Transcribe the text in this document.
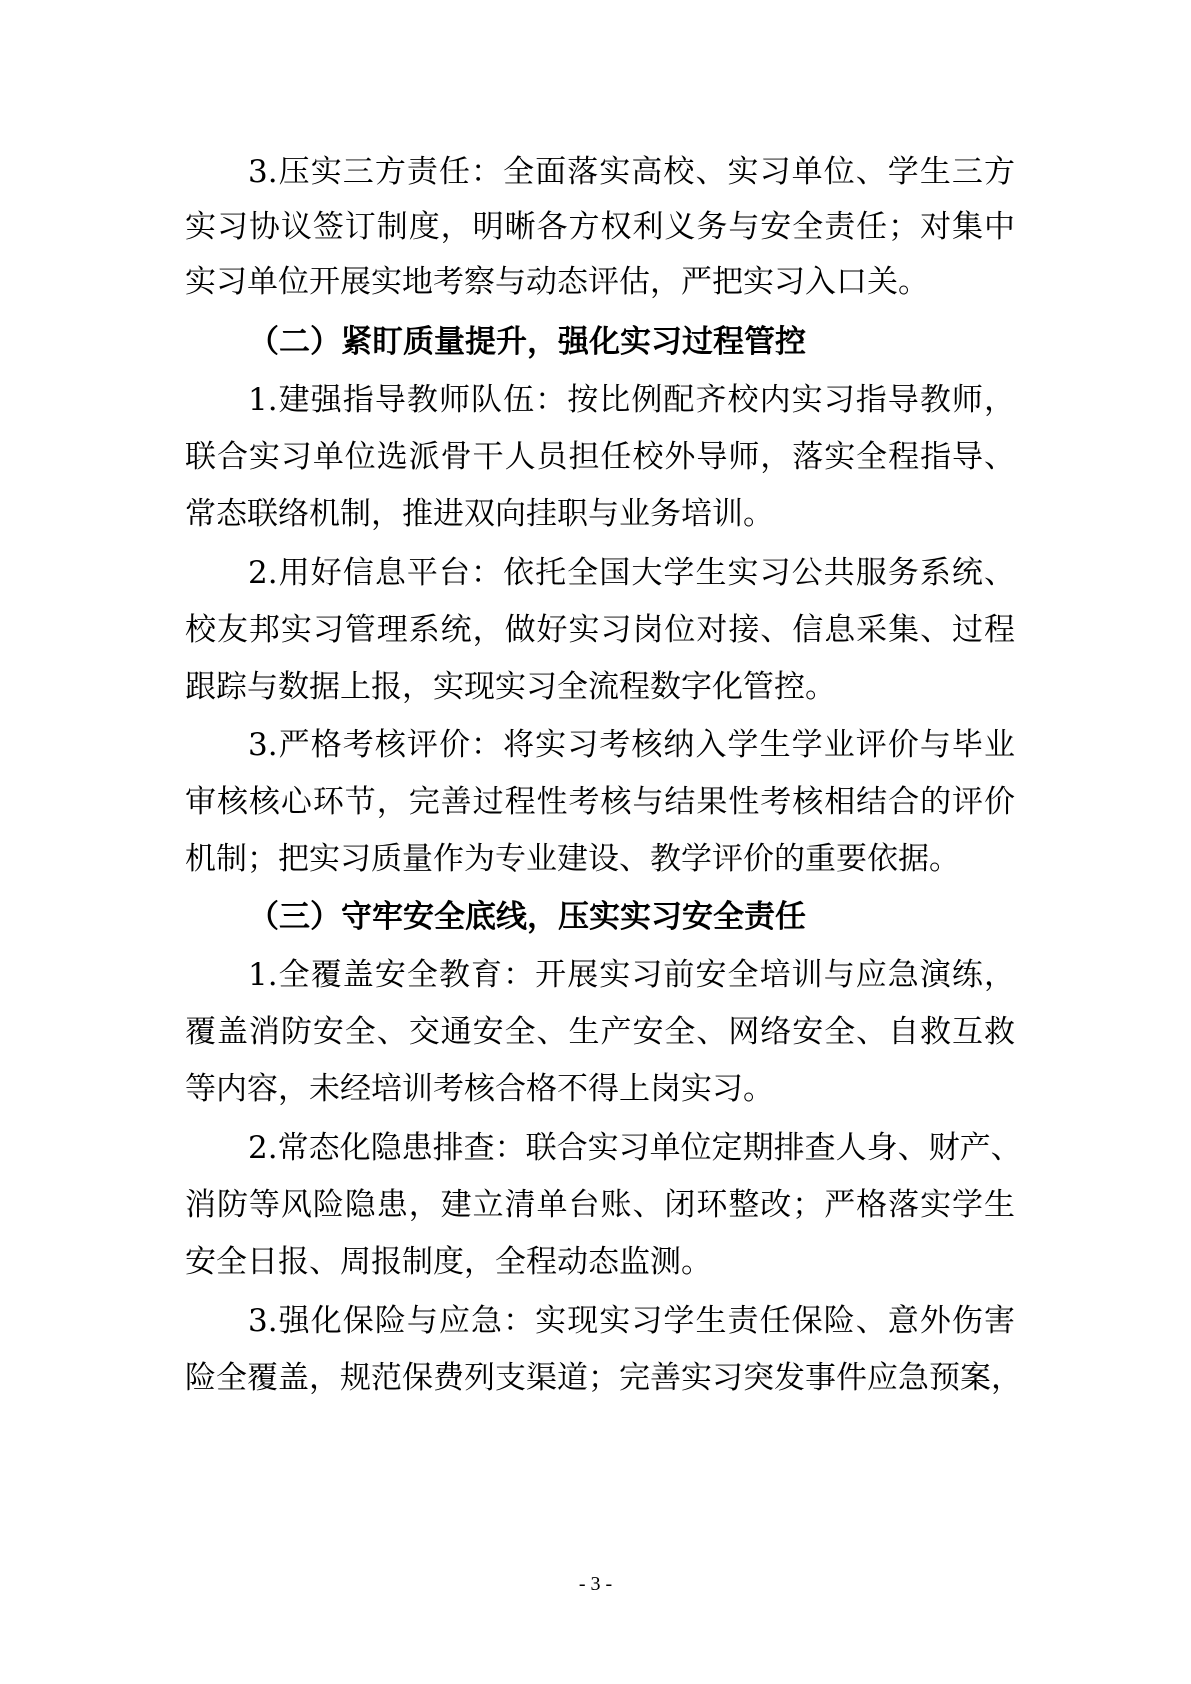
3.压实三方责任：全面落实高校、实习单位、学生三方
实习协议签订制度，明晰各方权利义务与安全责任；对集中
实习单位开展实地考察与动态评估，严把实习入口关。
（二）紧盯质量提升，强化实习过程管控
1.建强指导教师队伍：按比例配齐校内实习指导教师，
联合实习单位选派骨干人员担任校外导师，落实全程指导、
常态联络机制，推进双向挂职与业务培训。
2.用好信息平台：依托全国大学生实习公共服务系统、
校友邦实习管理系统，做好实习岗位对接、信息采集、过程
跟踪与数据上报，实现实习全流程数字化管控。
3.严格考核评价：将实习考核纳入学生学业评价与毕业
审核核心环节，完善过程性考核与结果性考核相结合的评价
机制；把实习质量作为专业建设、教学评价的重要依据。
（三）守牢安全底线，压实实习安全责任
1.全覆盖安全教育：开展实习前安全培训与应急演练，
覆盖消防安全、交通安全、生产安全、网络安全、自救互救
等内容，未经培训考核合格不得上岗实习。
2.常态化隐患排查：联合实习单位定期排查人身、财产、
消防等风险隐患，建立清单台账、闭环整改；严格落实学生
安全日报、周报制度，全程动态监测。
3.强化保险与应急：实现实习学生责任保险、意外伤害
险全覆盖，规范保费列支渠道；完善实习突发事件应急预案，
- 3 -
